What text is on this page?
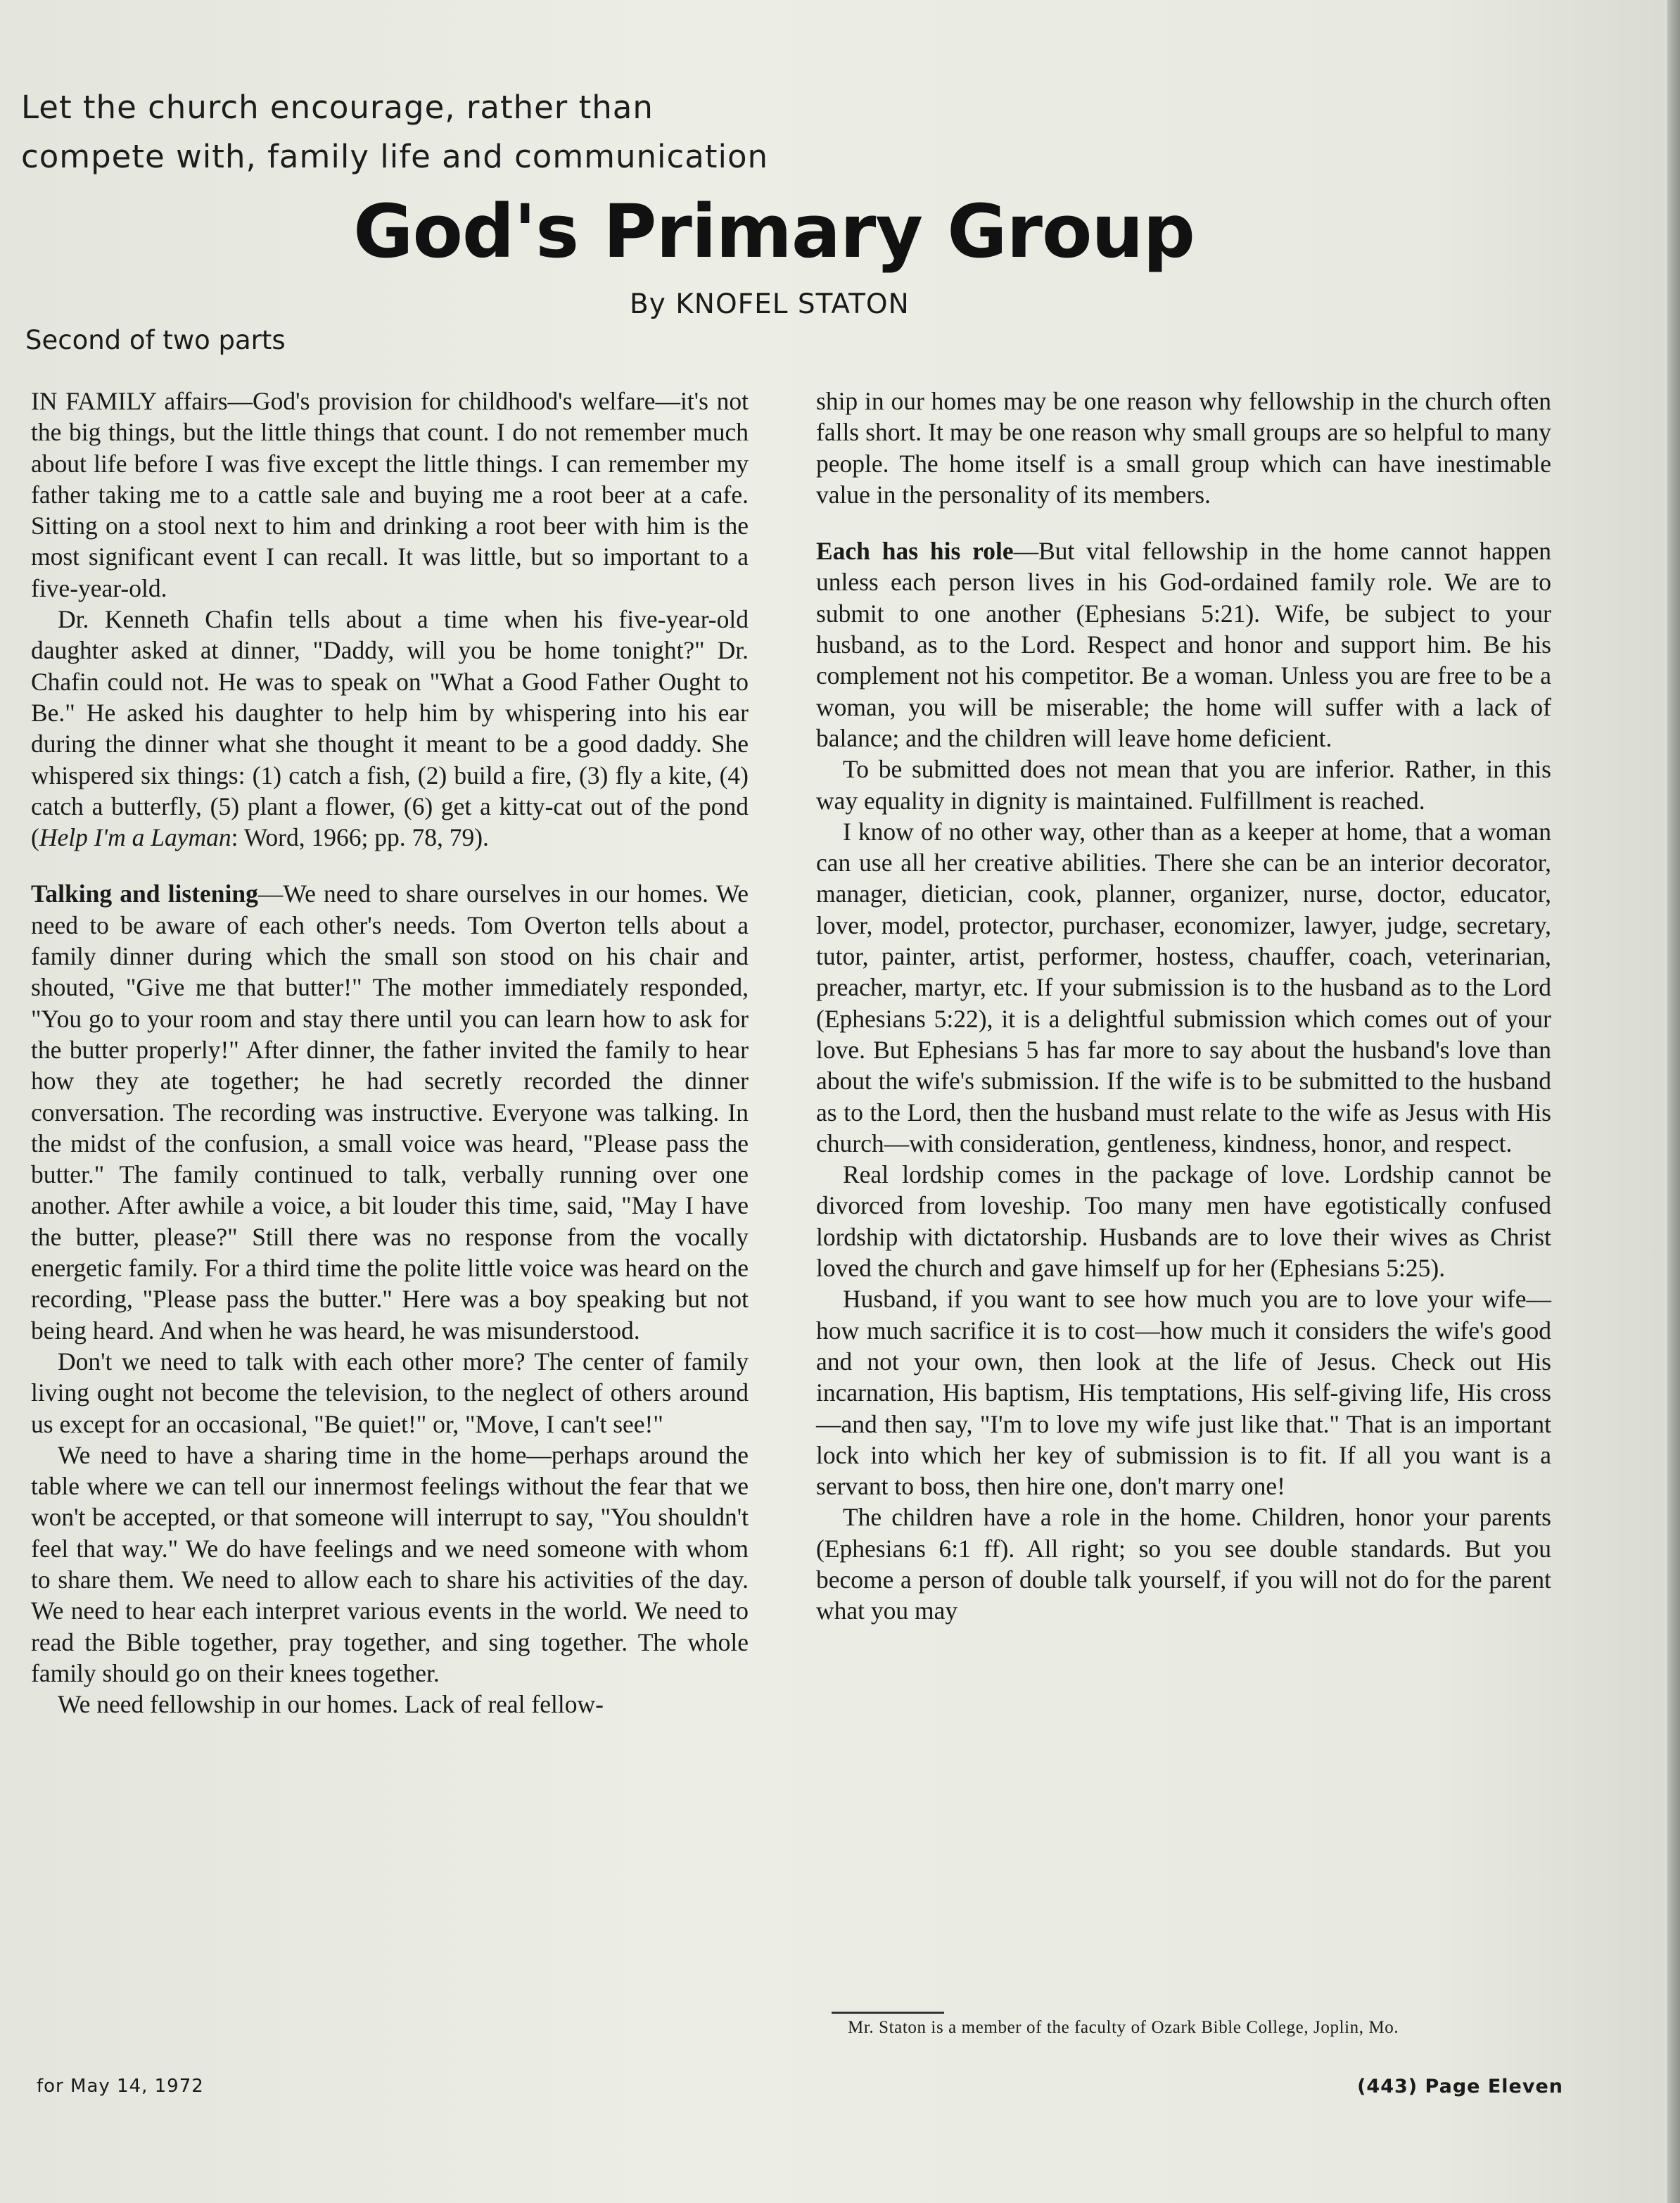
Let the church encourage, rather than
compete with, family life and communication
God's Primary Group
By KNOFEL STATON
Second of two parts

IN FAMILY affairs—God's provision for childhood's welfare—it's not the big things, but the little things that count. I do not remember much about life before I was five except the little things. I can remember my father taking me to a cattle sale and buying me a root beer at a cafe. Sitting on a stool next to him and drinking a root beer with him is the most significant event I can recall. It was little, but so important to a five-year-old.

Dr. Kenneth Chafin tells about a time when his five-year-old daughter asked at dinner, "Daddy, will you be home tonight?" Dr. Chafin could not. He was to speak on "What a Good Father Ought to Be." He asked his daughter to help him by whispering into his ear during the dinner what she thought it meant to be a good daddy. She whispered six things: (1) catch a fish, (2) build a fire, (3) fly a kite, (4) catch a butterfly, (5) plant a flower, (6) get a kitty-cat out of the pond (Help I'm a Layman: Word, 1966; pp. 78, 79).

Talking and listening—We need to share ourselves in our homes. We need to be aware of each other's needs. Tom Overton tells about a family dinner during which the small son stood on his chair and shouted, "Give me that butter!" The mother immediately responded, "You go to your room and stay there until you can learn how to ask for the butter properly!" After dinner, the father invited the family to hear how they ate together; he had secretly recorded the dinner conversation. The recording was instructive. Everyone was talking. In the midst of the confusion, a small voice was heard, "Please pass the butter." The family continued to talk, verbally running over one another. After awhile a voice, a bit louder this time, said, "May I have the butter, please?" Still there was no response from the vocally energetic family. For a third time the polite little voice was heard on the recording, "Please pass the butter." Here was a boy speaking but not being heard. And when he was heard, he was misunderstood.

Don't we need to talk with each other more? The center of family living ought not become the television, to the neglect of others around us except for an occasional, "Be quiet!" or, "Move, I can't see!"

We need to have a sharing time in the home—perhaps around the table where we can tell our innermost feelings without the fear that we won't be accepted, or that someone will interrupt to say, "You shouldn't feel that way." We do have feelings and we need someone with whom to share them. We need to allow each to share his activities of the day. We need to hear each interpret various events in the world. We need to read the Bible together, pray together, and sing together. The whole family should go on their knees together.

We need fellowship in our homes. Lack of real fellow-

ship in our homes may be one reason why fellowship in the church often falls short. It may be one reason why small groups are so helpful to many people. The home itself is a small group which can have inestimable value in the personality of its members.

Each has his role—But vital fellowship in the home cannot happen unless each person lives in his God-ordained family role. We are to submit to one another (Ephesians 5:21). Wife, be subject to your husband, as to the Lord. Respect and honor and support him. Be his complement not his competitor. Be a woman. Unless you are free to be a woman, you will be miserable; the home will suffer with a lack of balance; and the children will leave home deficient.

To be submitted does not mean that you are inferior. Rather, in this way equality in dignity is maintained. Fulfillment is reached.

I know of no other way, other than as a keeper at home, that a woman can use all her creative abilities. There she can be an interior decorator, manager, dietician, cook, planner, organizer, nurse, doctor, educator, lover, model, protector, purchaser, economizer, lawyer, judge, secretary, tutor, painter, artist, performer, hostess, chauffer, coach, veterinarian, preacher, martyr, etc. If your submission is to the husband as to the Lord (Ephesians 5:22), it is a delightful submission which comes out of your love. But Ephesians 5 has far more to say about the husband's love than about the wife's submission. If the wife is to be submitted to the husband as to the Lord, then the husband must relate to the wife as Jesus with His church—with consideration, gentleness, kindness, honor, and respect.

Real lordship comes in the package of love. Lordship cannot be divorced from loveship. Too many men have egotistically confused lordship with dictatorship. Husbands are to love their wives as Christ loved the church and gave himself up for her (Ephesians 5:25).

Husband, if you want to see how much you are to love your wife—how much sacrifice it is to cost—how much it considers the wife's good and not your own, then look at the life of Jesus. Check out His incarnation, His baptism, His temptations, His self-giving life, His cross—and then say, "I'm to love my wife just like that." That is an important lock into which her key of submission is to fit. If all you want is a servant to boss, then hire one, don't marry one!

The children have a role in the home. Children, honor your parents (Ephesians 6:1 ff). All right; so you see double standards. But you become a person of double talk yourself, if you will not do for the parent what you may

Mr. Staton is a member of the faculty of Ozark Bible College, Joplin, Mo.
for May 14, 1972	(443) Page Eleven
